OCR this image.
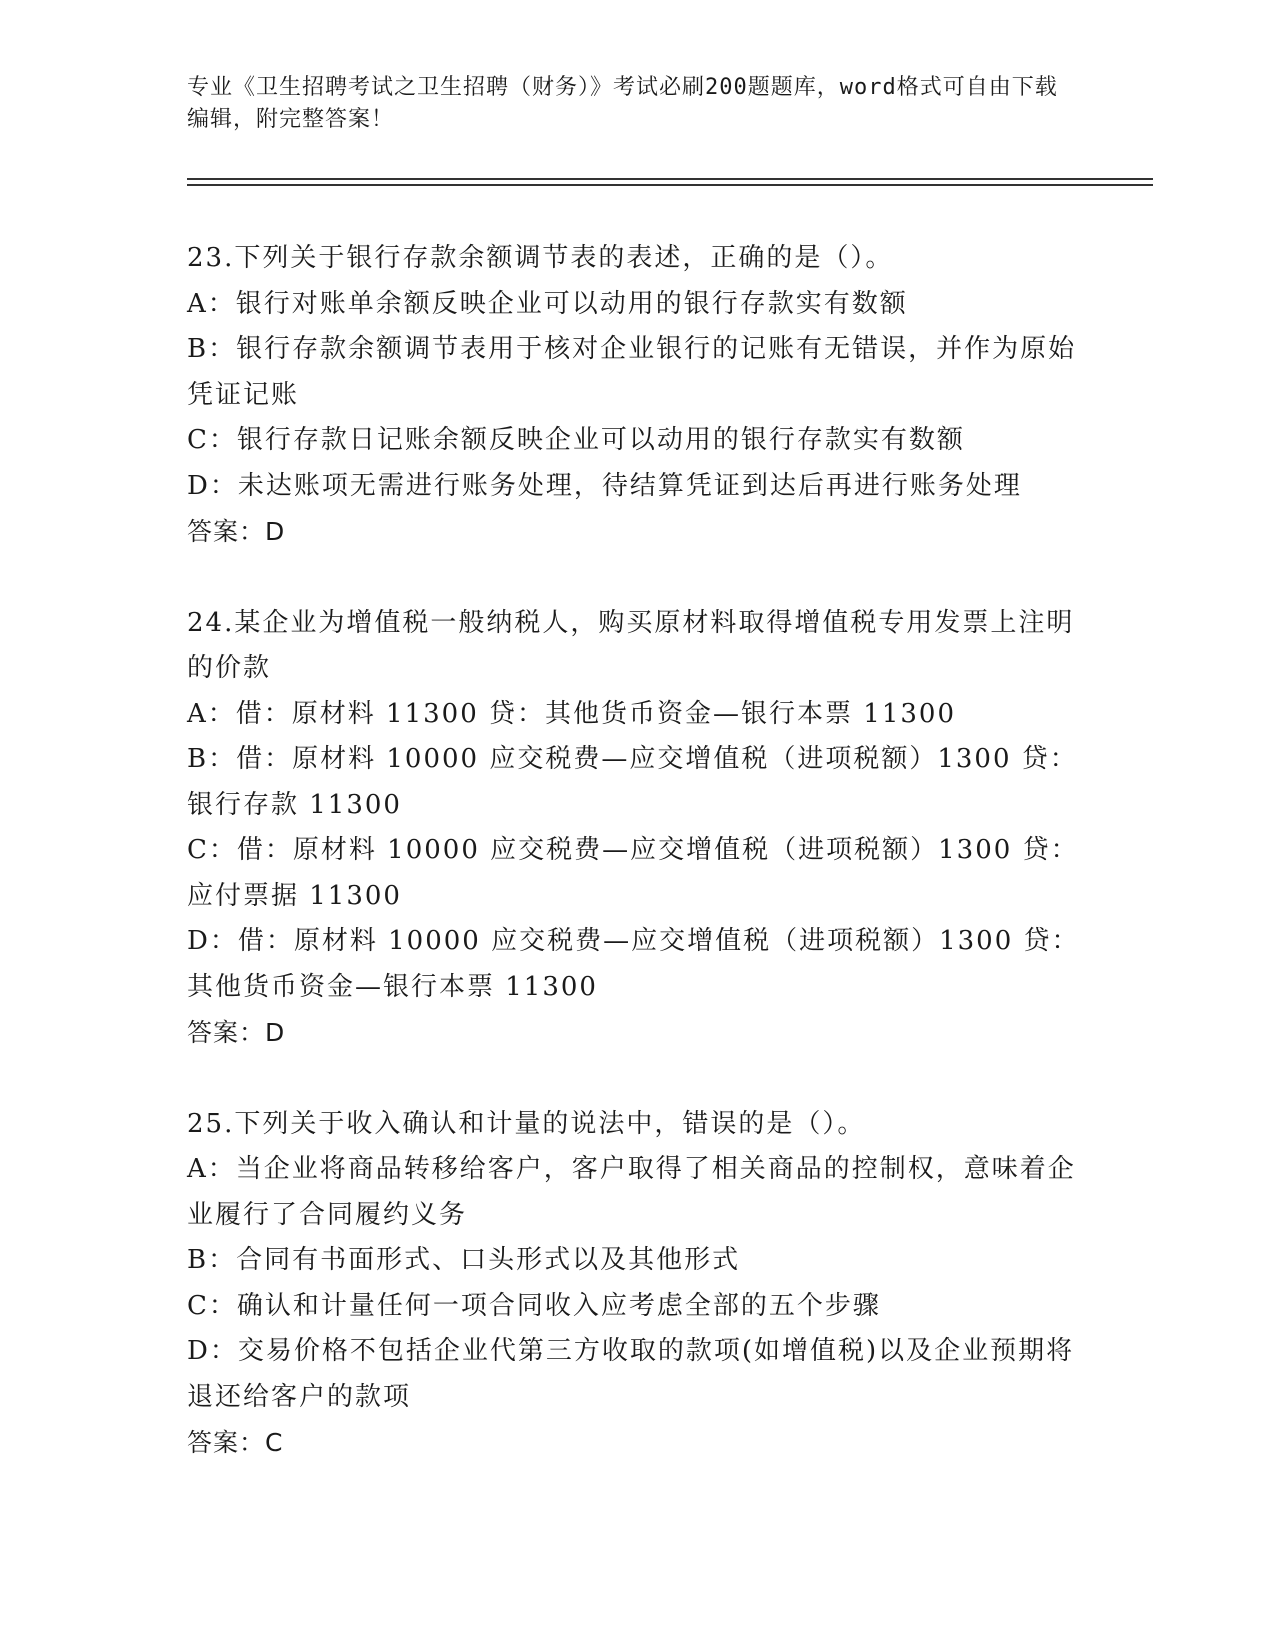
专业《卫生招聘考试之卫生招聘（财务）》考试必刷200题题库，word格式可自由下载编辑，附完整答案！
23.下列关于银行存款余额调节表的表述，正确的是（）。
A：银行对账单余额反映企业可以动用的银行存款实有数额
B：银行存款余额调节表用于核对企业银行的记账有无错误，并作为原始凭证记账
C：银行存款日记账余额反映企业可以动用的银行存款实有数额
D：未达账项无需进行账务处理，待结算凭证到达后再进行账务处理
答案：D
24.某企业为增值税一般纳税人，购买原材料取得增值税专用发票上注明的价款
A：借：原材料 11300 贷：其他货币资金—银行本票 11300
B：借：原材料 10000 应交税费—应交增值税（进项税额）1300 贷：银行存款 11300
C：借：原材料 10000 应交税费—应交增值税（进项税额）1300 贷：应付票据 11300
D：借：原材料 10000 应交税费—应交增值税（进项税额）1300 贷：其他货币资金—银行本票 11300
答案：D
25.下列关于收入确认和计量的说法中，错误的是（）。
A：当企业将商品转移给客户，客户取得了相关商品的控制权，意味着企业履行了合同履约义务
B：合同有书面形式、口头形式以及其他形式
C：确认和计量任何一项合同收入应考虑全部的五个步骤
D：交易价格不包括企业代第三方收取的款项(如增值税)以及企业预期将退还给客户的款项
答案：C
